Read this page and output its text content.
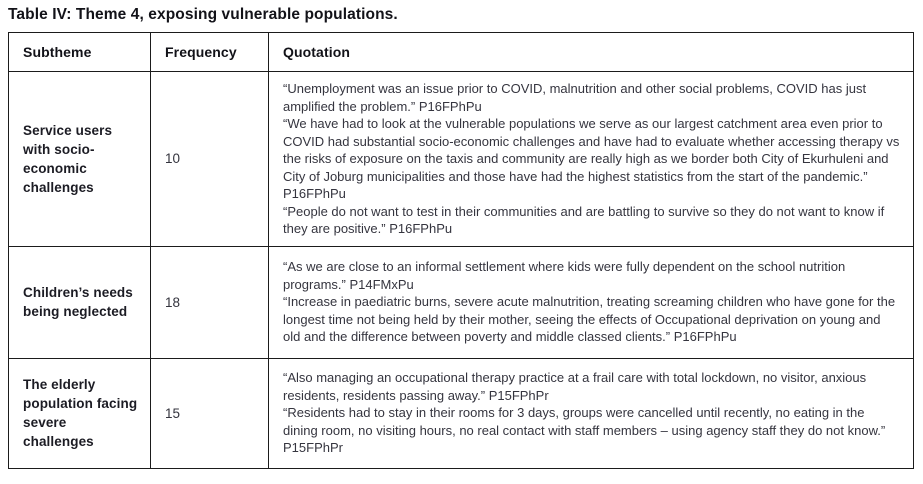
Table IV: Theme 4, exposing vulnerable populations.
Subtheme	Frequency	Quotation
Service users with socio-economic challenges	10	“Unemployment was an issue prior to COVID, malnutrition and other social problems, COVID has just amplified the problem.” P16FPhPu
“We have had to look at the vulnerable populations we serve as our largest catchment area even prior to COVID had substantial socio-economic challenges and have had to evaluate whether accessing therapy vs the risks of exposure on the taxis and community are really high as we border both City of Ekurhuleni and City of Joburg municipalities and those have had the highest statistics from the start of the pandemic.” P16FPhPu
“People do not want to test in their communities and are battling to survive so they do not want to know if they are positive.” P16FPhPu

Children’s needs being neglected	18	“As we are close to an informal settlement where kids were fully dependent on the school nutrition programs.” P14FMxPu
“Increase in paediatric burns, severe acute malnutrition, treating screaming children who have gone for the longest time not being held by their mother, seeing the effects of Occupational deprivation on young and old and the difference between poverty and middle classed clients.” P16FPhPu

The elderly population facing severe challenges	15	“Also managing an occupational therapy practice at a frail care with total lockdown, no visitor, anxious residents, residents passing away.” P15FPhPr
“Residents had to stay in their rooms for 3 days, groups were cancelled until recently, no eating in the dining room, no visiting hours, no real contact with staff members – using agency staff they do not know.” P15FPhPr
